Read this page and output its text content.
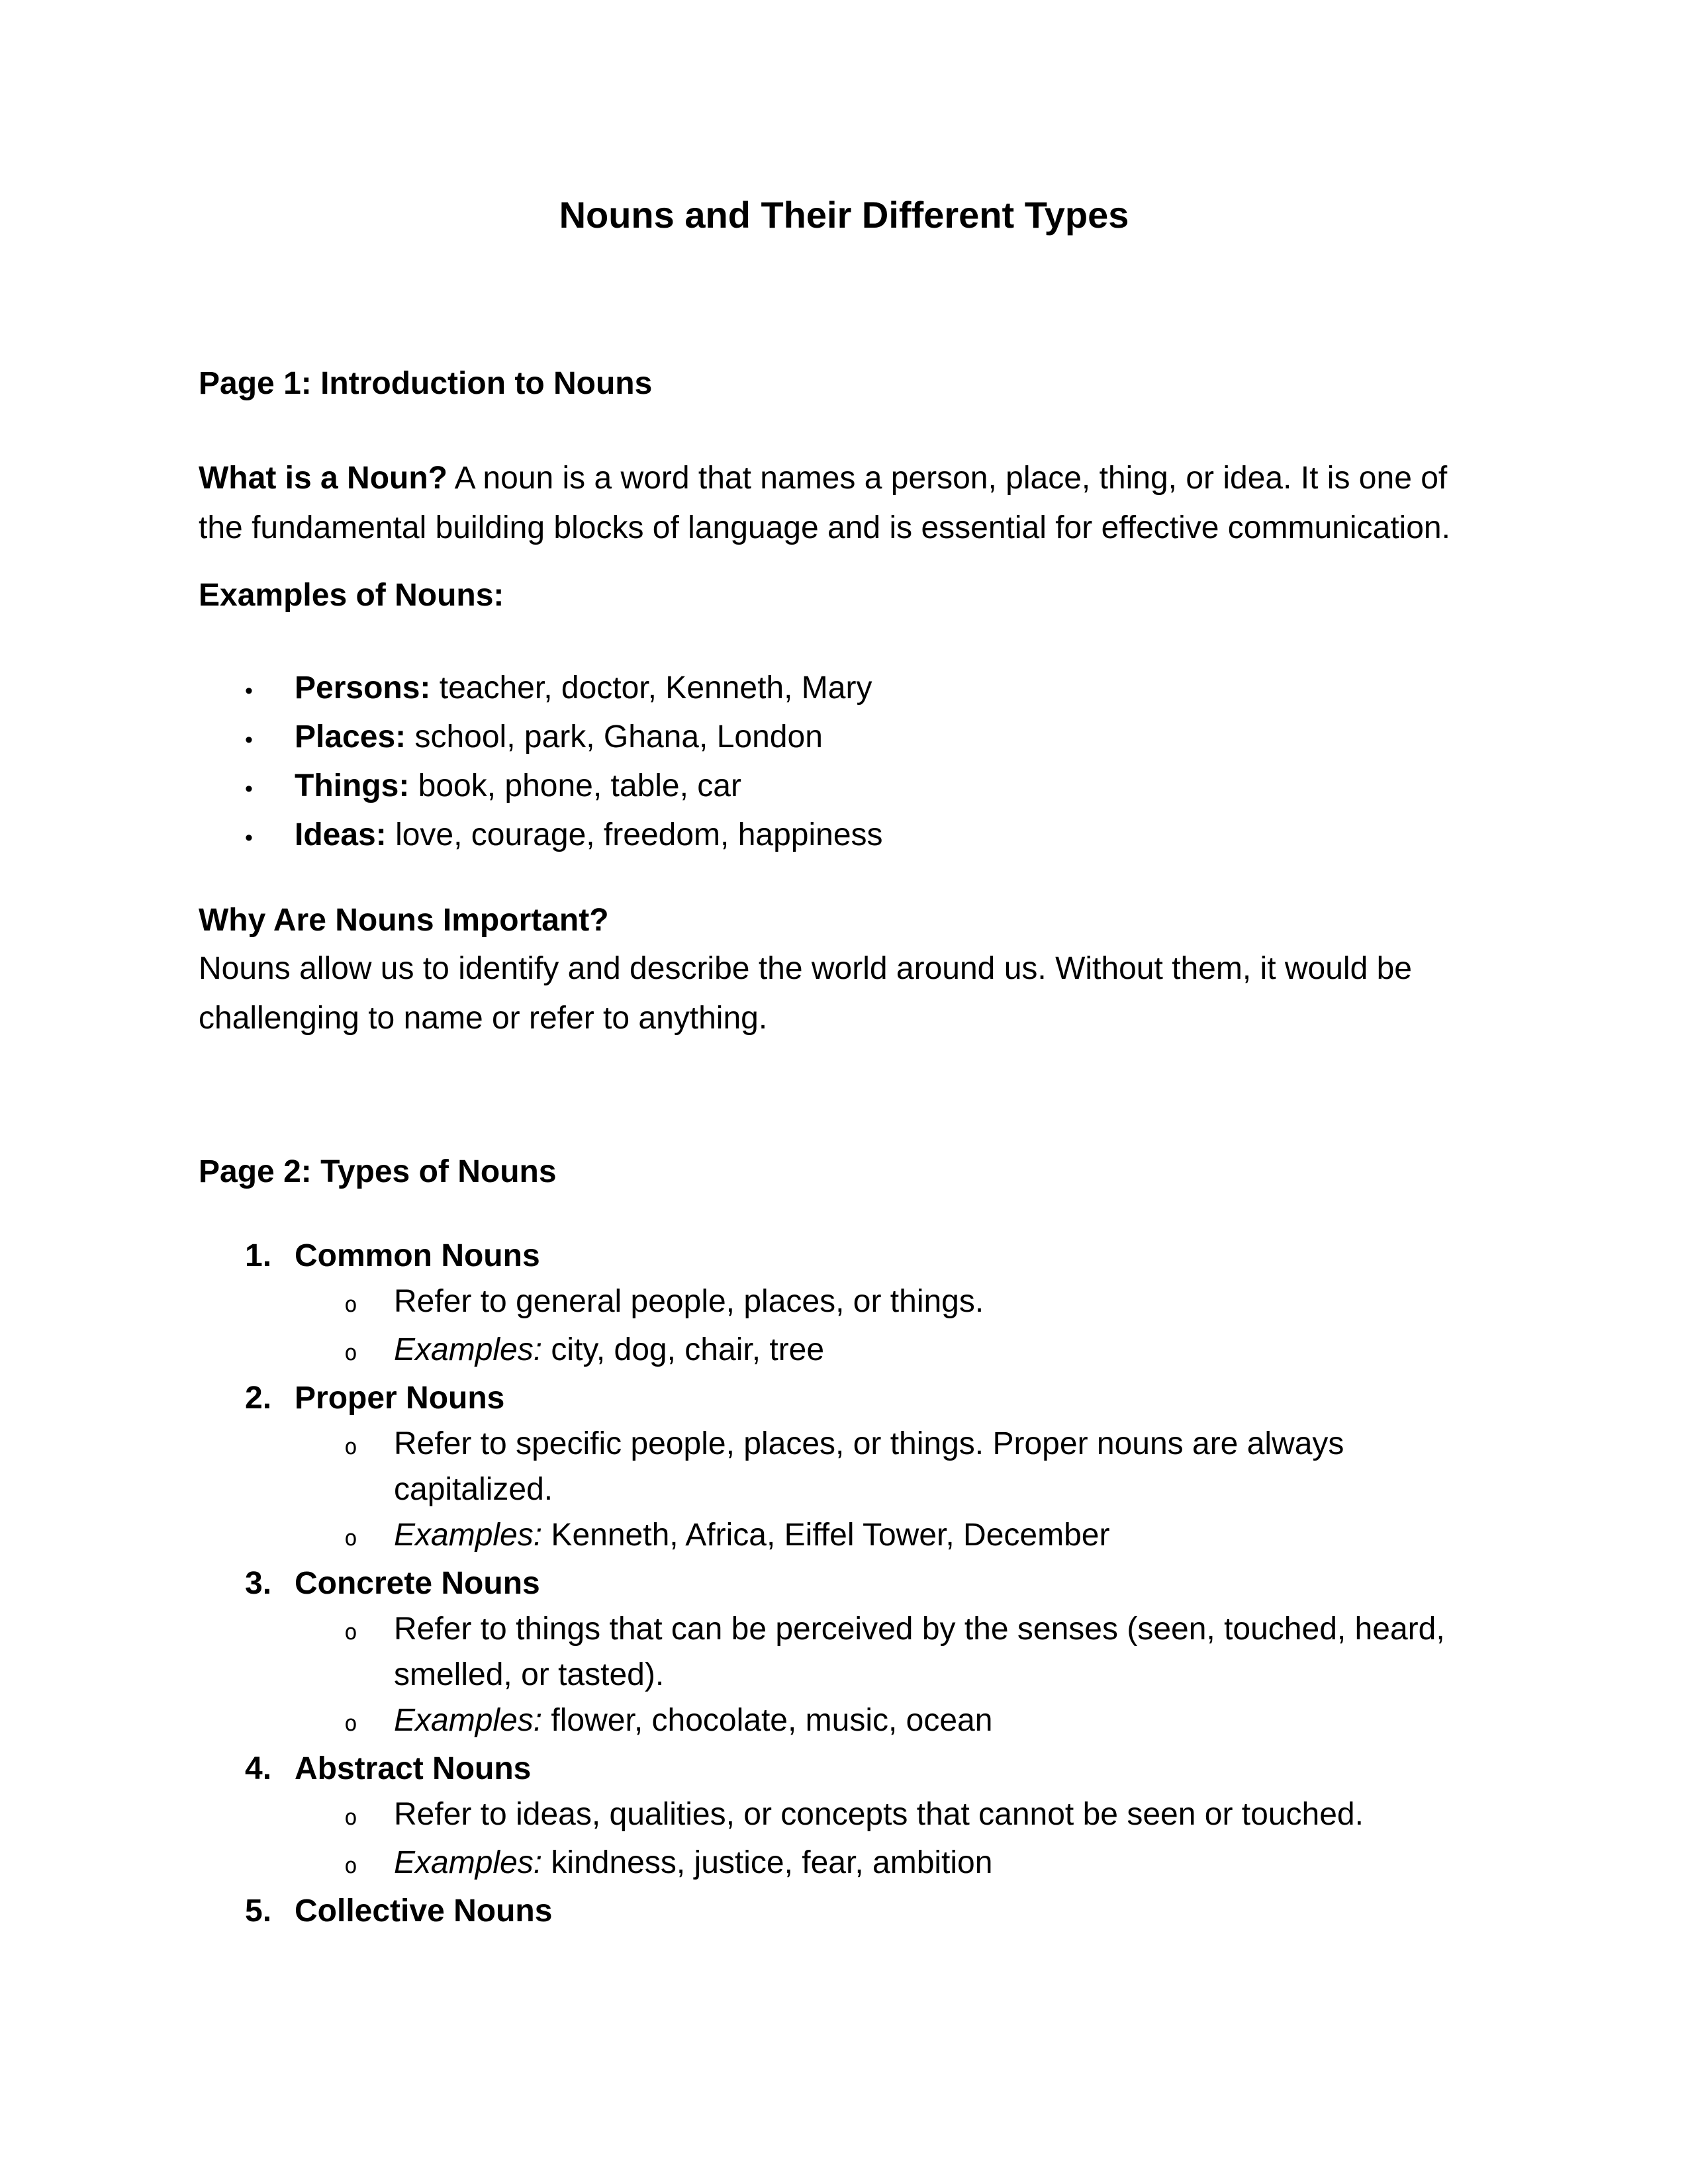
Nouns and Their Different Types
Page 1: Introduction to Nouns

What is a Noun? A noun is a word that names a person, place, thing, or idea. It is one of the fundamental building blocks of language and is essential for effective communication.

Examples of Nouns:
•	Persons: teacher, doctor, Kenneth, Mary
•	Places: school, park, Ghana, London
•	Things: book, phone, table, car
•	Ideas: love, courage, freedom, happiness
Why Are Nouns Important?

Nouns allow us to identify and describe the world around us. Without them, it would be challenging to name or refer to anything.

Page 2: Types of Nouns
1. Common Nouns
o	Refer to general people, places, or things.
o	Examples: city, dog, chair, tree
2. Proper Nouns
o	Refer to specific people, places, or things. Proper nouns are always capitalized.
o	Examples: Kenneth, Africa, Eiffel Tower, December
3. Concrete Nouns
o	Refer to things that can be perceived by the senses (seen, touched, heard, smelled, or tasted).
o	Examples: flower, chocolate, music, ocean
4. Abstract Nouns
o	Refer to ideas, qualities, or concepts that cannot be seen or touched.
o	Examples: kindness, justice, fear, ambition
5. Collective Nouns
